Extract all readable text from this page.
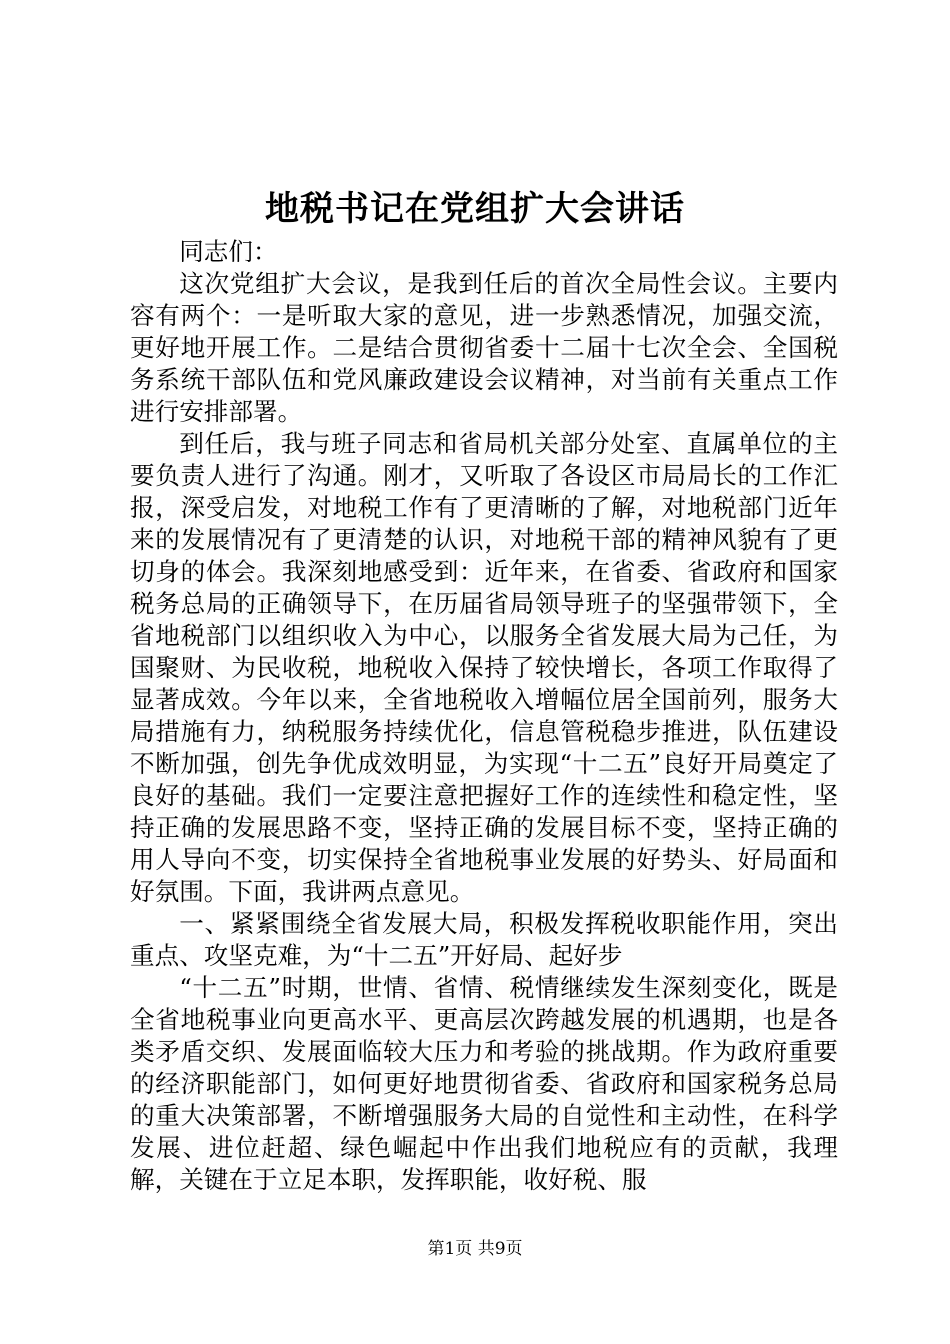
地税书记在党组扩大会讲话

同志们：

这次党组扩大会议，是我到任后的首次全局性会议。主要内容有两个：一是听取大家的意见，进一步熟悉情况，加强交流，更好地开展工作。二是结合贯彻省委十二届十七次全会、全国税务系统干部队伍和党风廉政建设会议精神，对当前有关重点工作进行安排部署。

到任后，我与班子同志和省局机关部分处室、直属单位的主要负责人进行了沟通。刚才，又听取了各设区市局局长的工作汇报，深受启发，对地税工作有了更清晰的了解，对地税部门近年来的发展情况有了更清楚的认识，对地税干部的精神风貌有了更切身的体会。我深刻地感受到：近年来，在省委、省政府和国家税务总局的正确领导下，在历届省局领导班子的坚强带领下，全省地税部门以组织收入为中心，以服务全省发展大局为己任，为国聚财、为民收税，地税收入保持了较快增长，各项工作取得了显著成效。今年以来，全省地税收入增幅位居全国前列，服务大局措施有力，纳税服务持续优化，信息管税稳步推进，队伍建设不断加强，创先争优成效明显，为实现“十二五”良好开局奠定了良好的基础。我们一定要注意把握好工作的连续性和稳定性，坚持正确的发展思路不变，坚持正确的发展目标不变，坚持正确的用人导向不变，切实保持全省地税事业发展的好势头、好局面和好氛围。下面，我讲两点意见。

一、紧紧围绕全省发展大局，积极发挥税收职能作用，突出重点、攻坚克难，为“十二五”开好局、起好步

“十二五”时期，世情、省情、税情继续发生深刻变化，既是全省地税事业向更高水平、更高层次跨越发展的机遇期，也是各类矛盾交织、发展面临较大压力和考验的挑战期。作为政府重要的经济职能部门，如何更好地贯彻省委、省政府和国家税务总局的重大决策部署，不断增强服务大局的自觉性和主动性，在科学发展、进位赶超、绿色崛起中作出我们地税应有的贡献，我理解，关键在于立足本职，发挥职能，收好税、服

第1页 共9页
